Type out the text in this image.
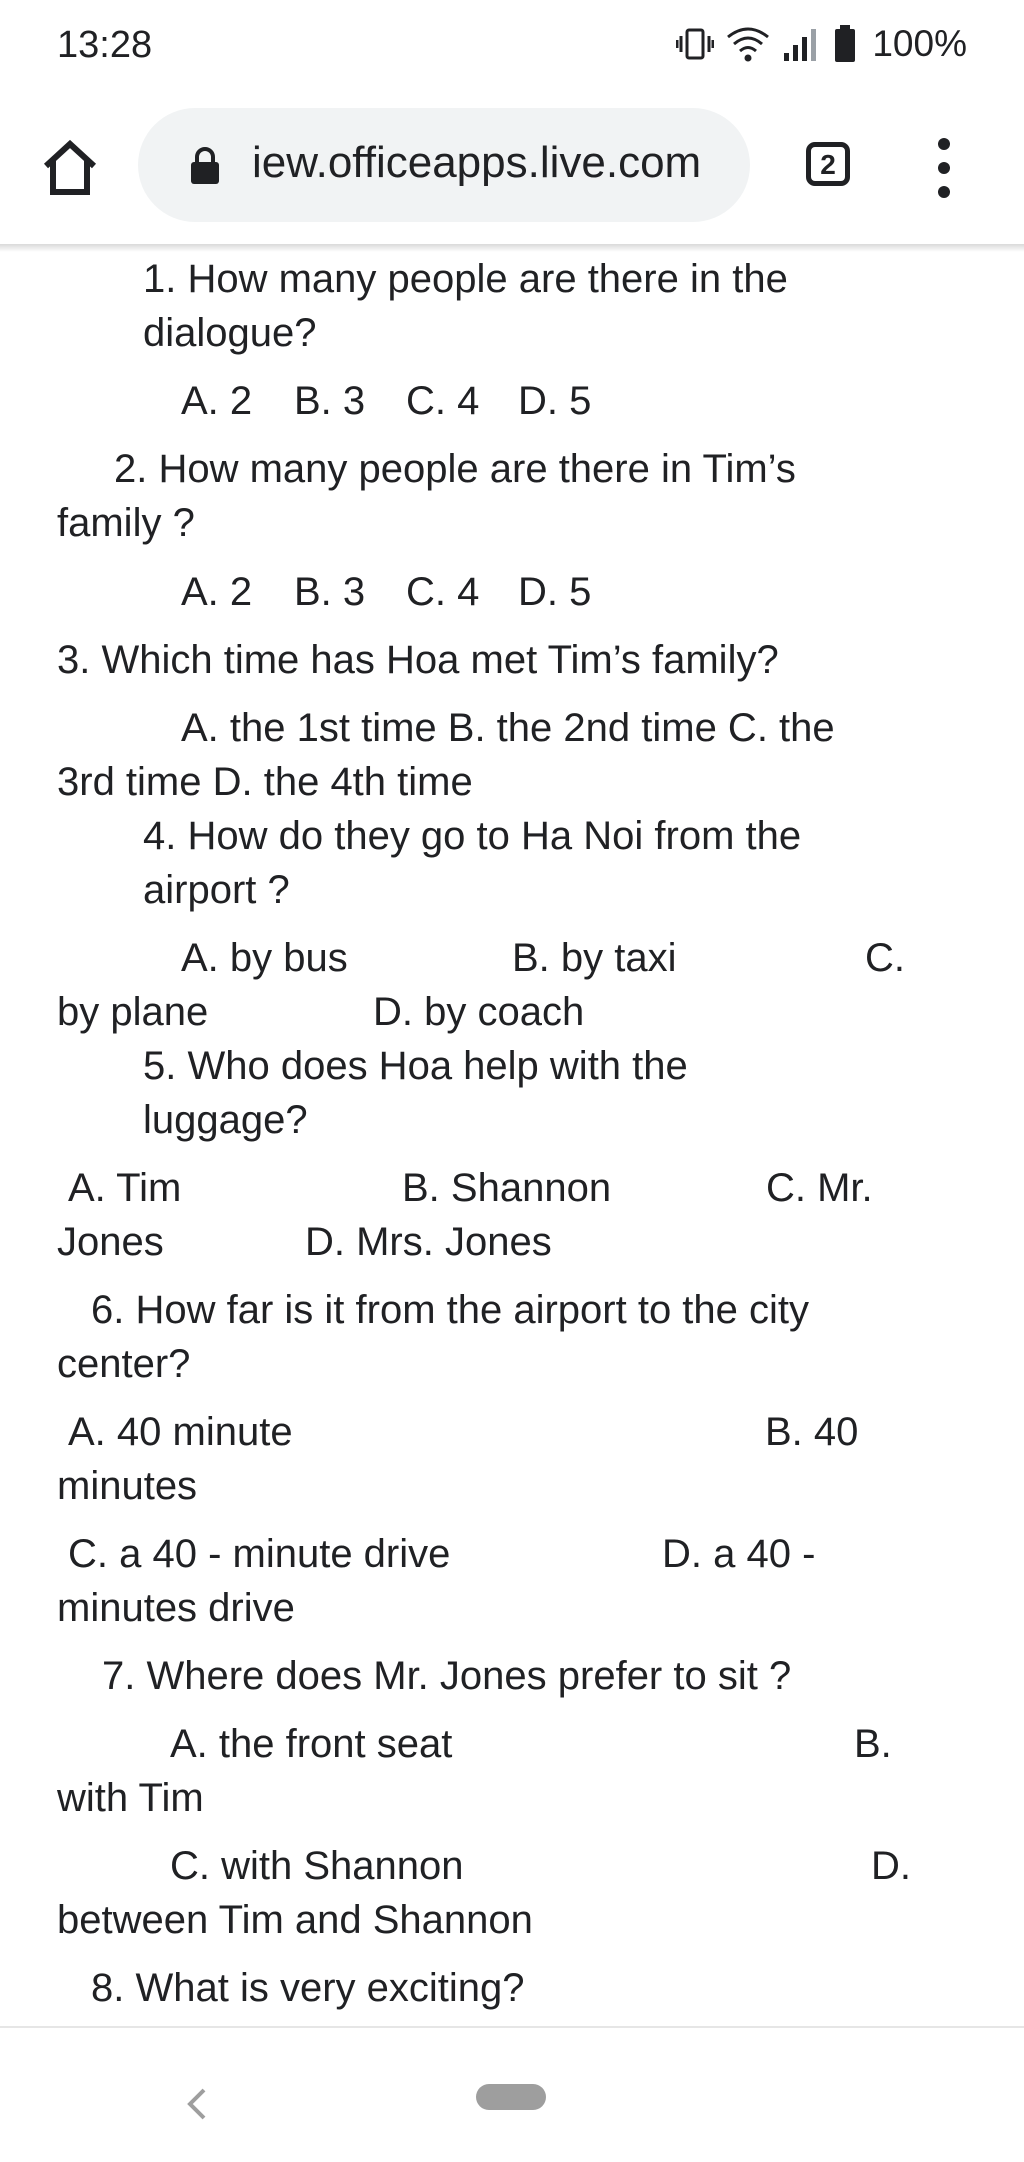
13:28	100%
iew.officeapps.live.com	2
1. How many people are there in the
dialogue?
A. 2 B. 3 C. 4 D. 5
2. How many people are there in Tim’s
family ?
A. 2 B. 3 C. 4 D. 5
3. Which time has Hoa met Tim’s family?
A. the 1st time B. the 2nd time C. the
3rd time D. the 4th time
4. How do they go to Ha Noi from the
airport ?
A. by bus	B. by taxi	C.
by plane	D. by coach
5. Who does Hoa help with the
luggage?
A. Tim	B. Shannon	C. Mr.
Jones	D. Mrs. Jones
6. How far is it from the airport to the city
center?
A. 40 minute	B. 40
minutes
C. a 40 - minute drive	D. a 40 -
minutes drive
7. Where does Mr. Jones prefer to sit ?
A. the front seat	B.
with Tim
C. with Shannon	D.
between Tim and Shannon
8. What is very exciting?
